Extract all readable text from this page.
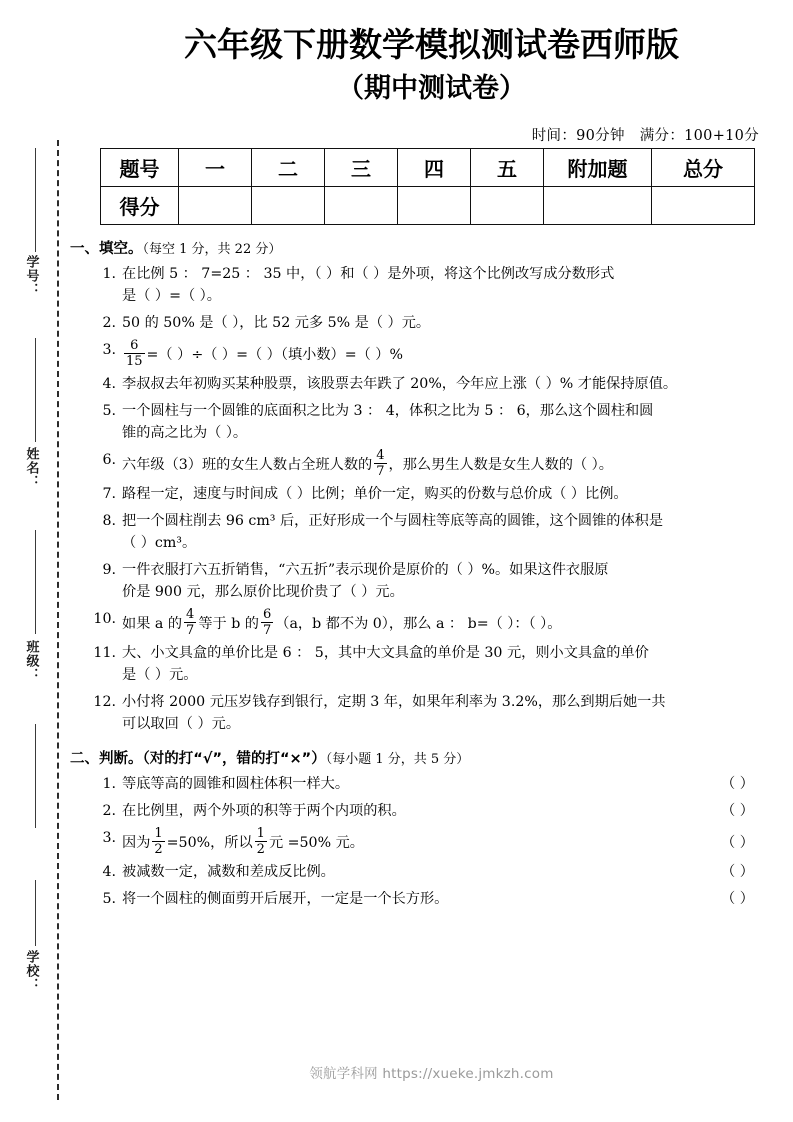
学号：
姓名：
班级：
学校：
六年级下册数学模拟测试卷西师版
（期中测试卷）
时间：90分钟 满分：100+10分
题号	一	二	三	四	五	附加题	总分
得分							
一、填空。（每空 1 分，共 22 分）
1. 在比例 5 ： 7=25 ： 35 中，（ ）和（ ）是外项，将这个比例改写成分数形式
是（ ）=（ ）。
2. 50 的 50% 是（ ），比 52 元多 5% 是（ ）元。
3. $\frac{6}{15}$ =（ ）÷（ ）=（ ）（填小数）=（ ）%
4. 李叔叔去年初购买某种股票，该股票去年跌了 20%，今年应上涨（ ）% 才能保持原值。
5. 一个圆柱与一个圆锥的底面积之比为 3 ： 4，体积之比为 5 ： 6，那么这个圆柱和圆
锥的高之比为（ ）。
6. 六年级（3）班的女生人数占全班人数的 $\frac{4}{7}$ ，那么男生人数是女生人数的（ ）。
7. 路程一定，速度与时间成（ ）比例；单价一定，购买的份数与总价成（ ）比例。
8. 把一个圆柱削去 96 cm³ 后，正好形成一个与圆柱等底等高的圆锥，这个圆锥的体积是
（ ）cm³。
9. 一件衣服打六五折销售，“六五折”表示现价是原价的（ ）%。如果这件衣服原
价是 900 元，那么原价比现价贵了（ ）元。
10. 如果 a 的 $\frac{4}{7}$ 等于 b 的 $\frac{6}{7} (a$，b 都不为 0），那么 a ： b=（ ）：（ ）。
11. 大、小文具盒的单价比是 6 ： 5，其中大文具盒的单价是 30 元，则小文具盒的单价
是（ ）元。
12. 小付将 2000 元压岁钱存到银行，定期 3 年，如果年利率为 3.2%，那么到期后她一共
可以取回（ ）元。
二、判断。（对的打“√”，错的打“×”）（每小题 1 分，共 5 分）
1. 等底等高的圆锥和圆柱体积一样大。	（ ）
2. 在比例里，两个外项的积等于两个内项的积。	（ ）
3. 因为 $\frac{1}{2} =50\%$，所以 $\frac{1}{2}$ 元 =50% 元。	（ ）
4. 被减数一定，减数和差成反比例。	（ ）
5. 将一个圆柱的侧面剪开后展开，一定是一个长方形。	（ ）
领航学科网 https://xueke.jmkzh.com
